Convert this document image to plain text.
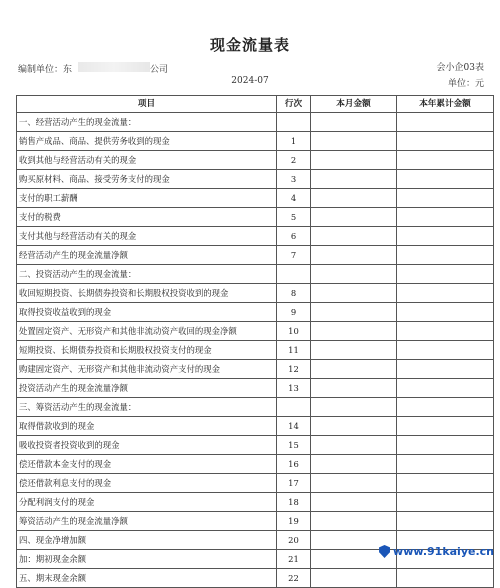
现金流量表
编制单位：东	公司	会小企03表
2024-07	单位：元
项目	行次	本月金额	本年累计金额
一、经营活动产生的现金流量：			
销售产成品、商品、提供劳务收到的现金	1		
收到其他与经营活动有关的现金	2		
购买原材料、商品、接受劳务支付的现金	3		
支付的职工薪酬	4		
支付的税费	5		
支付其他与经营活动有关的现金	6		
经营活动产生的现金流量净额	7		
二、投资活动产生的现金流量：			
收回短期投资、长期债券投资和长期股权投资收到的现金	8		
取得投资收益收到的现金	9		
处置固定资产、无形资产和其他非流动资产收回的现金净额	10		
短期投资、长期债券投资和长期股权投资支付的现金	11		
购建固定资产、无形资产和其他非流动资产支付的现金	12		
投资活动产生的现金流量净额	13		
三、筹资活动产生的现金流量：			
取得借款收到的现金	14		
吸收投资者投资收到的现金	15		
偿还借款本金支付的现金	16		
偿还借款利息支付的现金	17		
分配利润支付的现金	18		
筹资活动产生的现金流量净额	19		
四、现金净增加额	20		
加：期初现金余额	21		
五、期末现金余额	22		
www.91kaiye.cn
